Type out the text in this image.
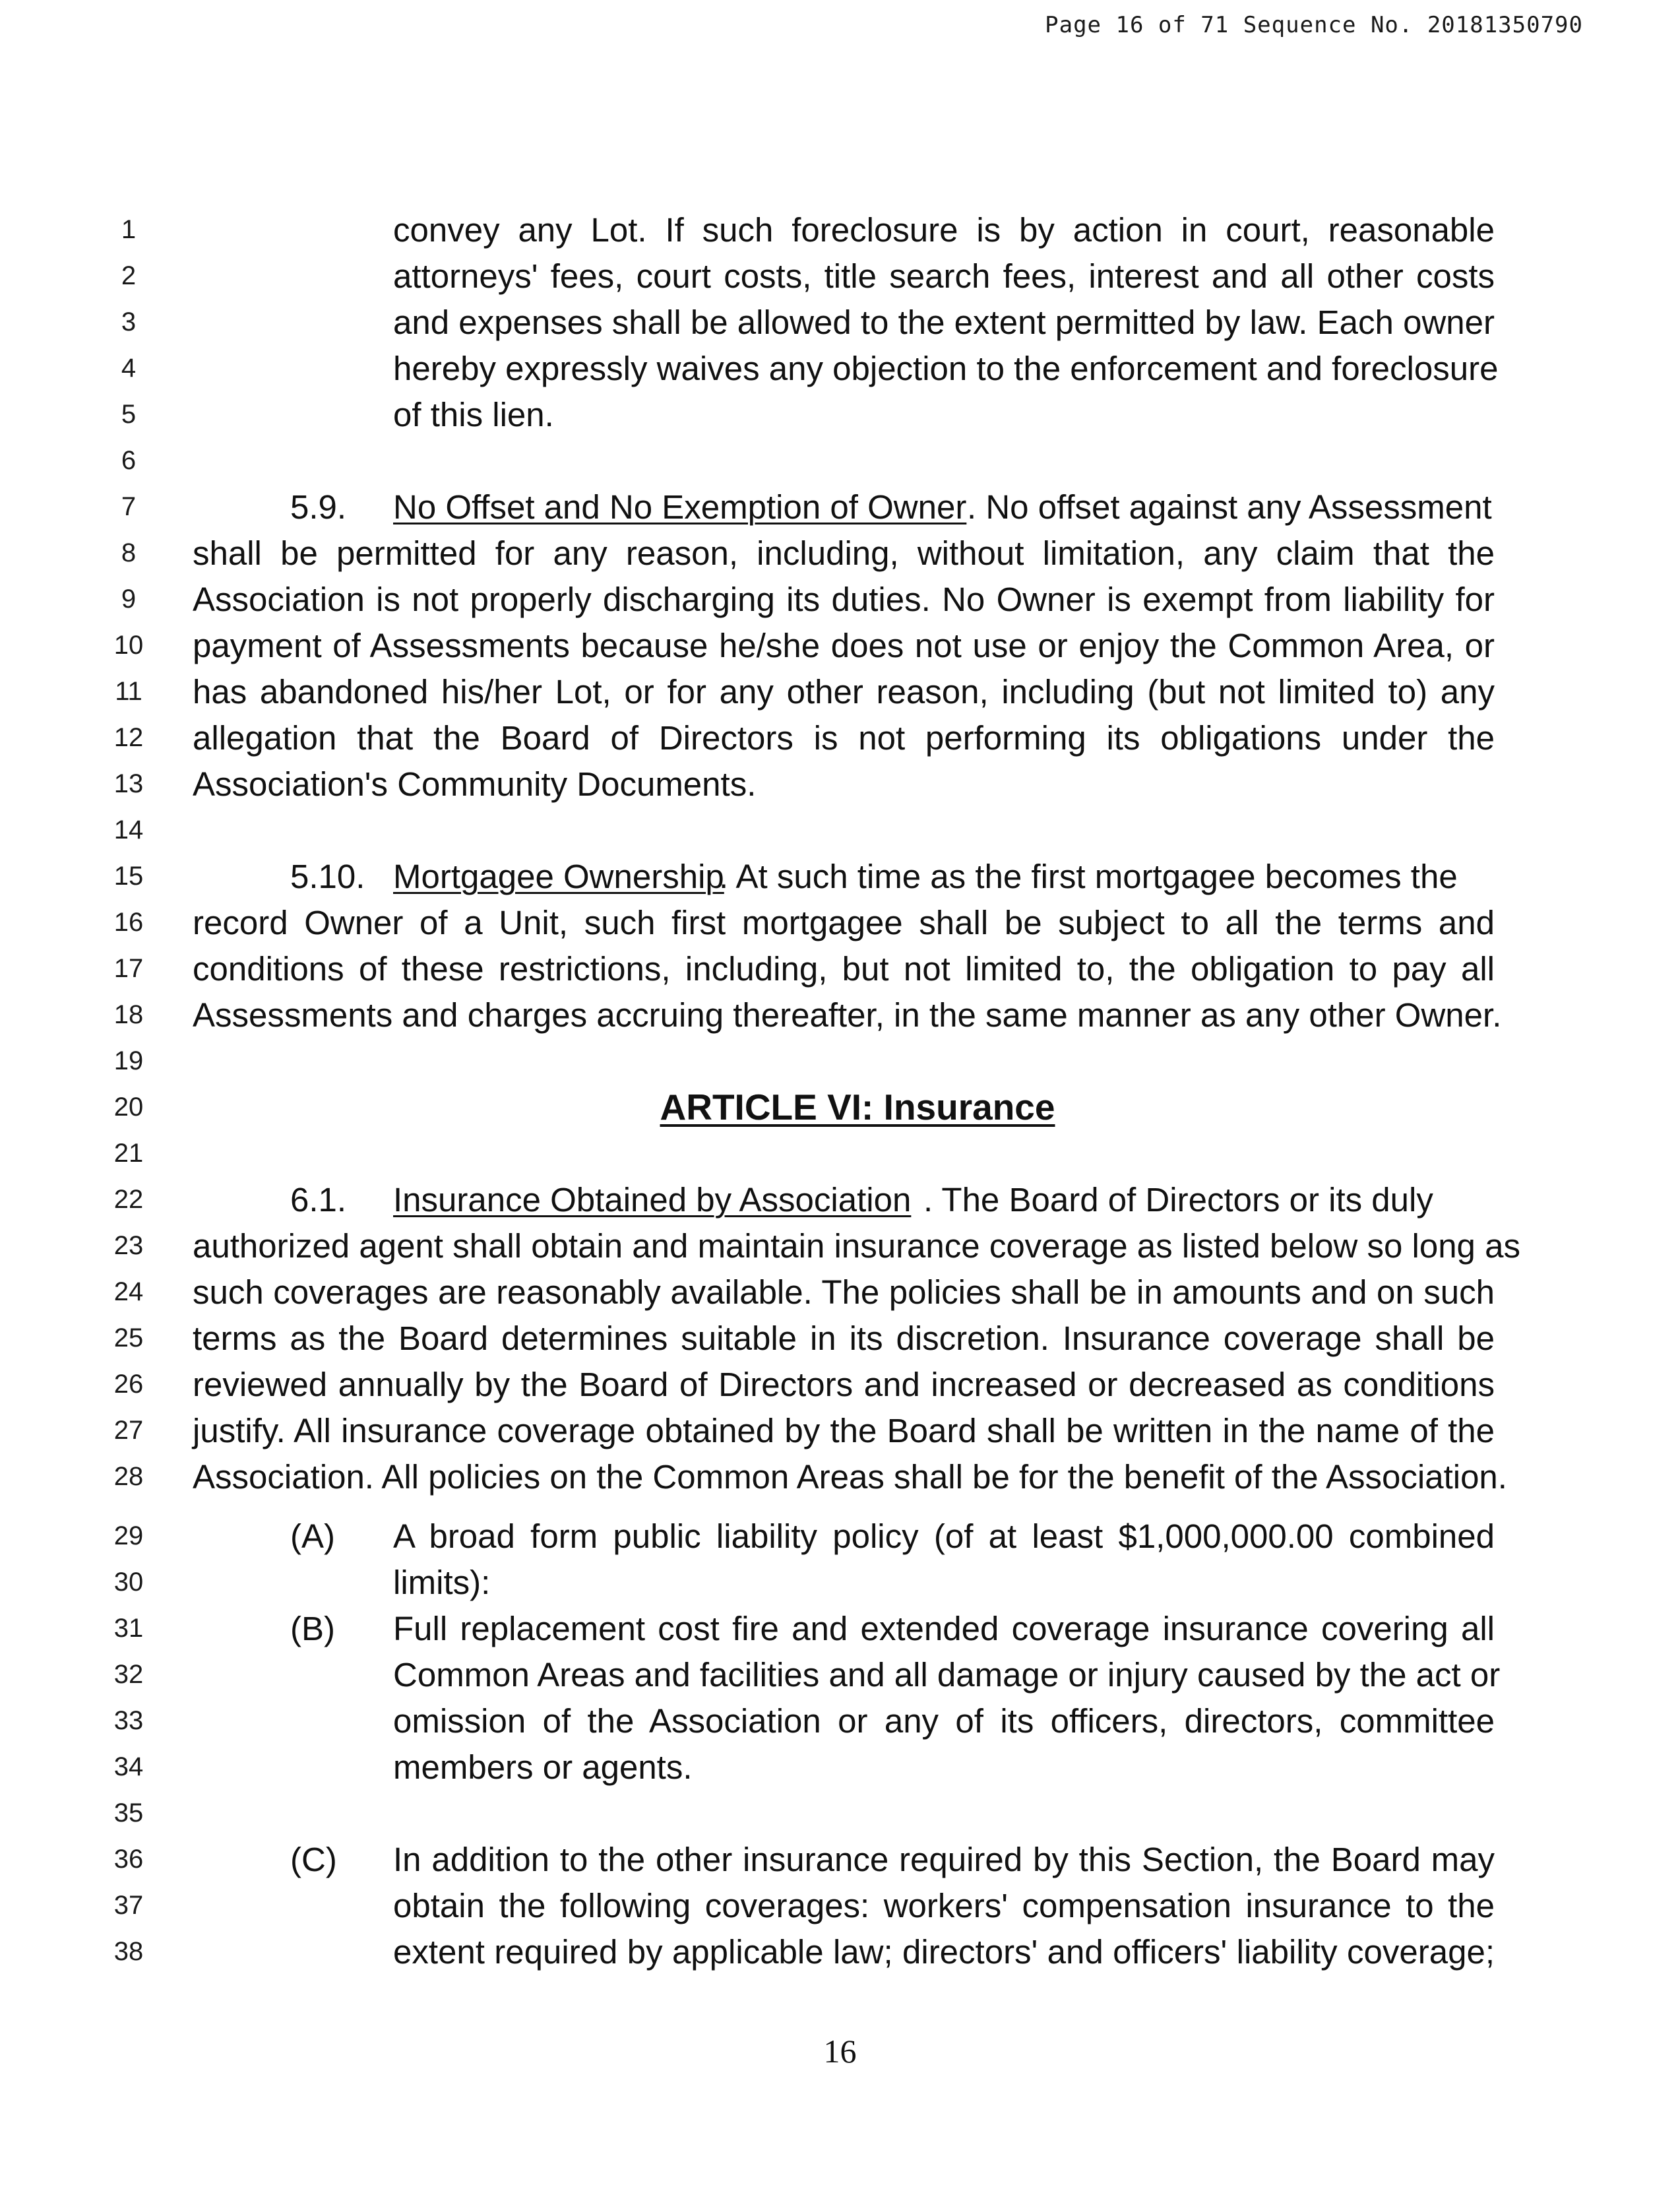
Page 16 of 71 Sequence No. 20181350790
1	convey any Lot. If such foreclosure is by action in court, reasonable
2	attorneys' fees, court costs, title search fees, interest and all other costs
3	and expenses shall be allowed to the extent permitted by law. Each owner
4	hereby expressly waives any objection to the enforcement and foreclosure
5	of this lien.
6
7	5.9. No Offset and No Exemption of Owner . No offset against any Assessment
8	shall be permitted for any reason, including, without limitation, any claim that the
9	Association is not properly discharging its duties. No Owner is exempt from liability for
10	payment of Assessments because he/she does not use or enjoy the Common Area, or
11	has abandoned his/her Lot, or for any other reason, including (but not limited to) any
12	allegation that the Board of Directors is not performing its obligations under the
13	Association's Community Documents.
14
15	5.10. Mortgagee Ownership
. At such time as the first mortgagee becomes the
16	record Owner of a Unit, such first mortgagee shall be subject to all the terms and
17	conditions of these restrictions, including, but not limited to, the obligation to pay all
18	Assessments and charges accruing thereafter, in the same manner as any other Owner.
19
20	ARTICLE VI: Insurance
21
22	6.1. Insurance Obtained by Association . The Board of Directors or its duly
23	authorized agent shall obtain and maintain insurance coverage as listed below so long as
24	such coverages are reasonably available. The policies shall be in amounts and on such
25	terms as the Board determines suitable in its discretion. Insurance coverage shall be
26	reviewed annually by the Board of Directors and increased or decreased as conditions
27	justify. All insurance coverage obtained by the Board shall be written in the name of the
28	Association. All policies on the Common Areas shall be for the benefit of the Association.
29	(A) A broad form public liability policy (of at least $1,000,000.00 combined
30	limits):
31	(B) Full replacement cost fire and extended coverage insurance covering all
32	Common Areas and facilities and all damage or injury caused by the act or
33	omission of the Association or any of its officers, directors, committee
34	members or agents.
35
36	(C) In addition to the other insurance required by this Section, the Board may
37	obtain the following coverages: workers' compensation insurance to the
38	extent required by applicable law; directors' and officers' liability coverage;
16
